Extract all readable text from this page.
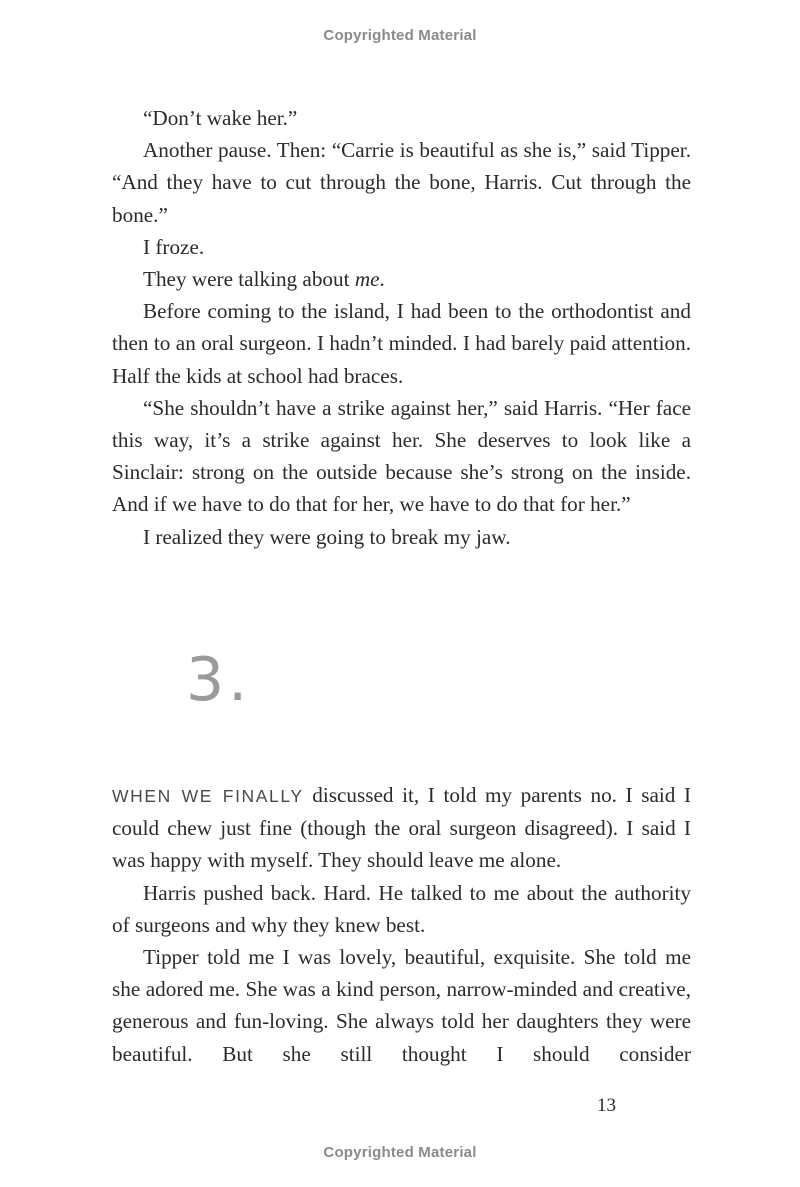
Copyrighted Material

“Don’t wake her.”

Another pause. Then: “Carrie is beautiful as she is,” said Tipper. “And they have to cut through the bone, Harris. Cut through the bone.”

I froze.

They were talking about me.

Before coming to the island, I had been to the orthodontist and then to an oral surgeon. I hadn’t minded. I had barely paid attention. Half the kids at school had braces.

“She shouldn’t have a strike against her,” said Harris. “Her face this way, it’s a strike against her. She deserves to look like a Sinclair: strong on the outside because she’s strong on the inside. And if we have to do that for her, we have to do that for her.”

I realized they were going to break my jaw.

3.

WHEN WE FINALLY discussed it, I told my parents no. I said I could chew just fine (though the oral surgeon disagreed). I said I was happy with myself. They should leave me alone.

Harris pushed back. Hard. He talked to me about the authority of surgeons and why they knew best.

Tipper told me I was lovely, beautiful, exquisite. She told me she adored me. She was a kind person, narrow-minded and creative, generous and fun-loving. She always told her daughters they were beautiful. But she still thought I should consider

13
Copyrighted Material
